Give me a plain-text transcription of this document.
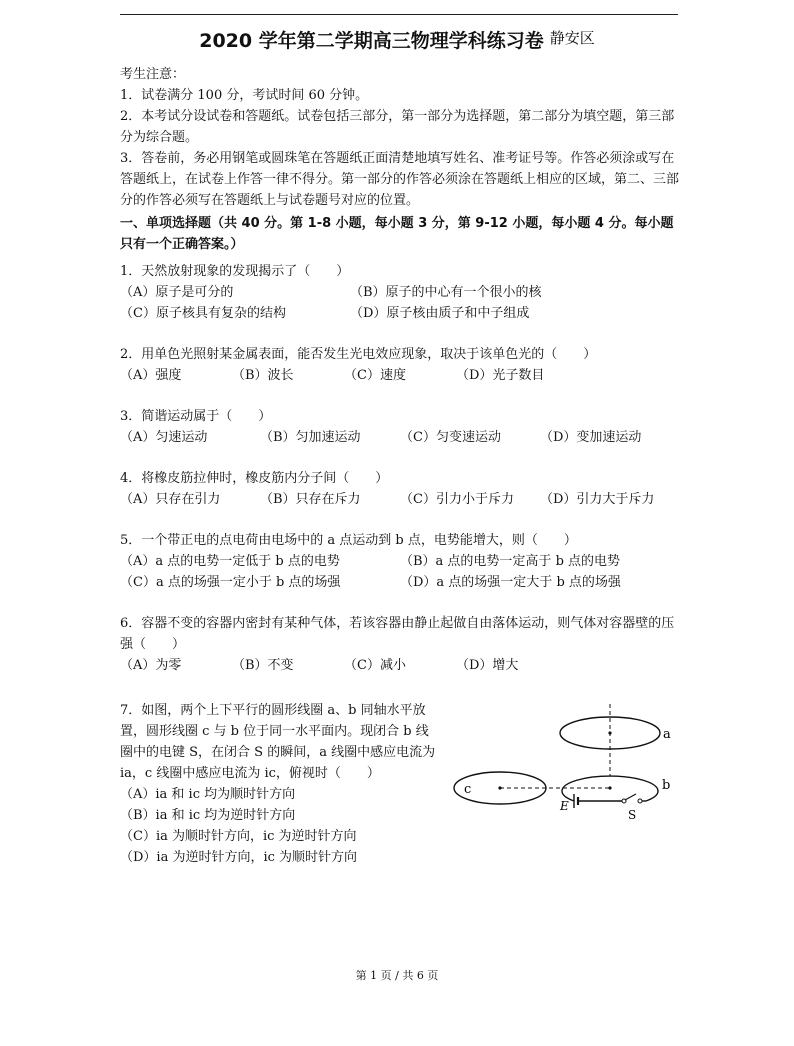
2020 学年第二学期高三物理学科练习卷 $^{静安区}$

考生注意：

1．试卷满分 100 分，考试时间 60 分钟。

2．本考试分设试卷和答题纸。试卷包括三部分，第一部分为选择题，第二部分为填空题，第三部分为综合题。

3．答卷前，务必用钢笔或圆珠笔在答题纸正面清楚地填写姓名、准考证号等。作答必须涂或写在答题纸上，在试卷上作答一律不得分。第一部分的作答必须涂在答题纸上相应的区域，第二、三部分的作答必须写在答题纸上与试卷题号对应的位置。

一、单项选择题（共 40 分。第 1-8 小题，每小题 3 分，第 9-12 小题，每小题 4 分。每小题只有一个正确答案。）

1．天然放射现象的发现揭示了（　　）

（A）原子是可分的	（B）原子的中心有一个很小的核
（C）原子核具有复杂的结构	（D）原子核由质子和中子组成

2．用单色光照射某金属表面，能否发生光电效应现象，取决于该单色光的（　　）

（A）强度	（B）波长	（C）速度	（D）光子数目

3．简谐运动属于（　　）

（A）匀速运动	（B）匀加速运动	（C）匀变速运动	（D）变加速运动

4．将橡皮筋拉伸时，橡皮筋内分子间（　　）

（A）只存在引力	（B）只存在斥力	（C）引力小于斥力	（D）引力大于斥力

5．一个带正电的点电荷由电场中的 a 点运动到 b 点，电势能增大，则（　　）

（A）a 点的电势一定低于 b 点的电势	（B）a 点的电势一定高于 b 点的电势
（C）a 点的场强一定小于 b 点的场强	（D）a 点的场强一定大于 b 点的场强

6．容器不变的容器内密封有某种气体，若该容器由静止起做自由落体运动，则气体对容器壁的压强（　　）

（A）为零	（B）不变	（C）减小	（D）增大

7．如图，两个上下平行的圆形线圈 a、b 同轴水平放

置，圆形线圈 c 与 b 位于同一水平面内。现闭合 b 线

圈中的电键 S，在闭合 S 的瞬间，a 线圈中感应电流为

ia，c 线圈中感应电流为 ic，俯视时（　　）

（A）ia 和 ic 均为顺时针方向

（B）ia 和 ic 均为逆时针方向

（C）ia 为顺时针方向，ic 为逆时针方向

（D）ia 为逆时针方向，ic 为顺时针方向

a
c	b
E
S
第 1 页 / 共 6 页
